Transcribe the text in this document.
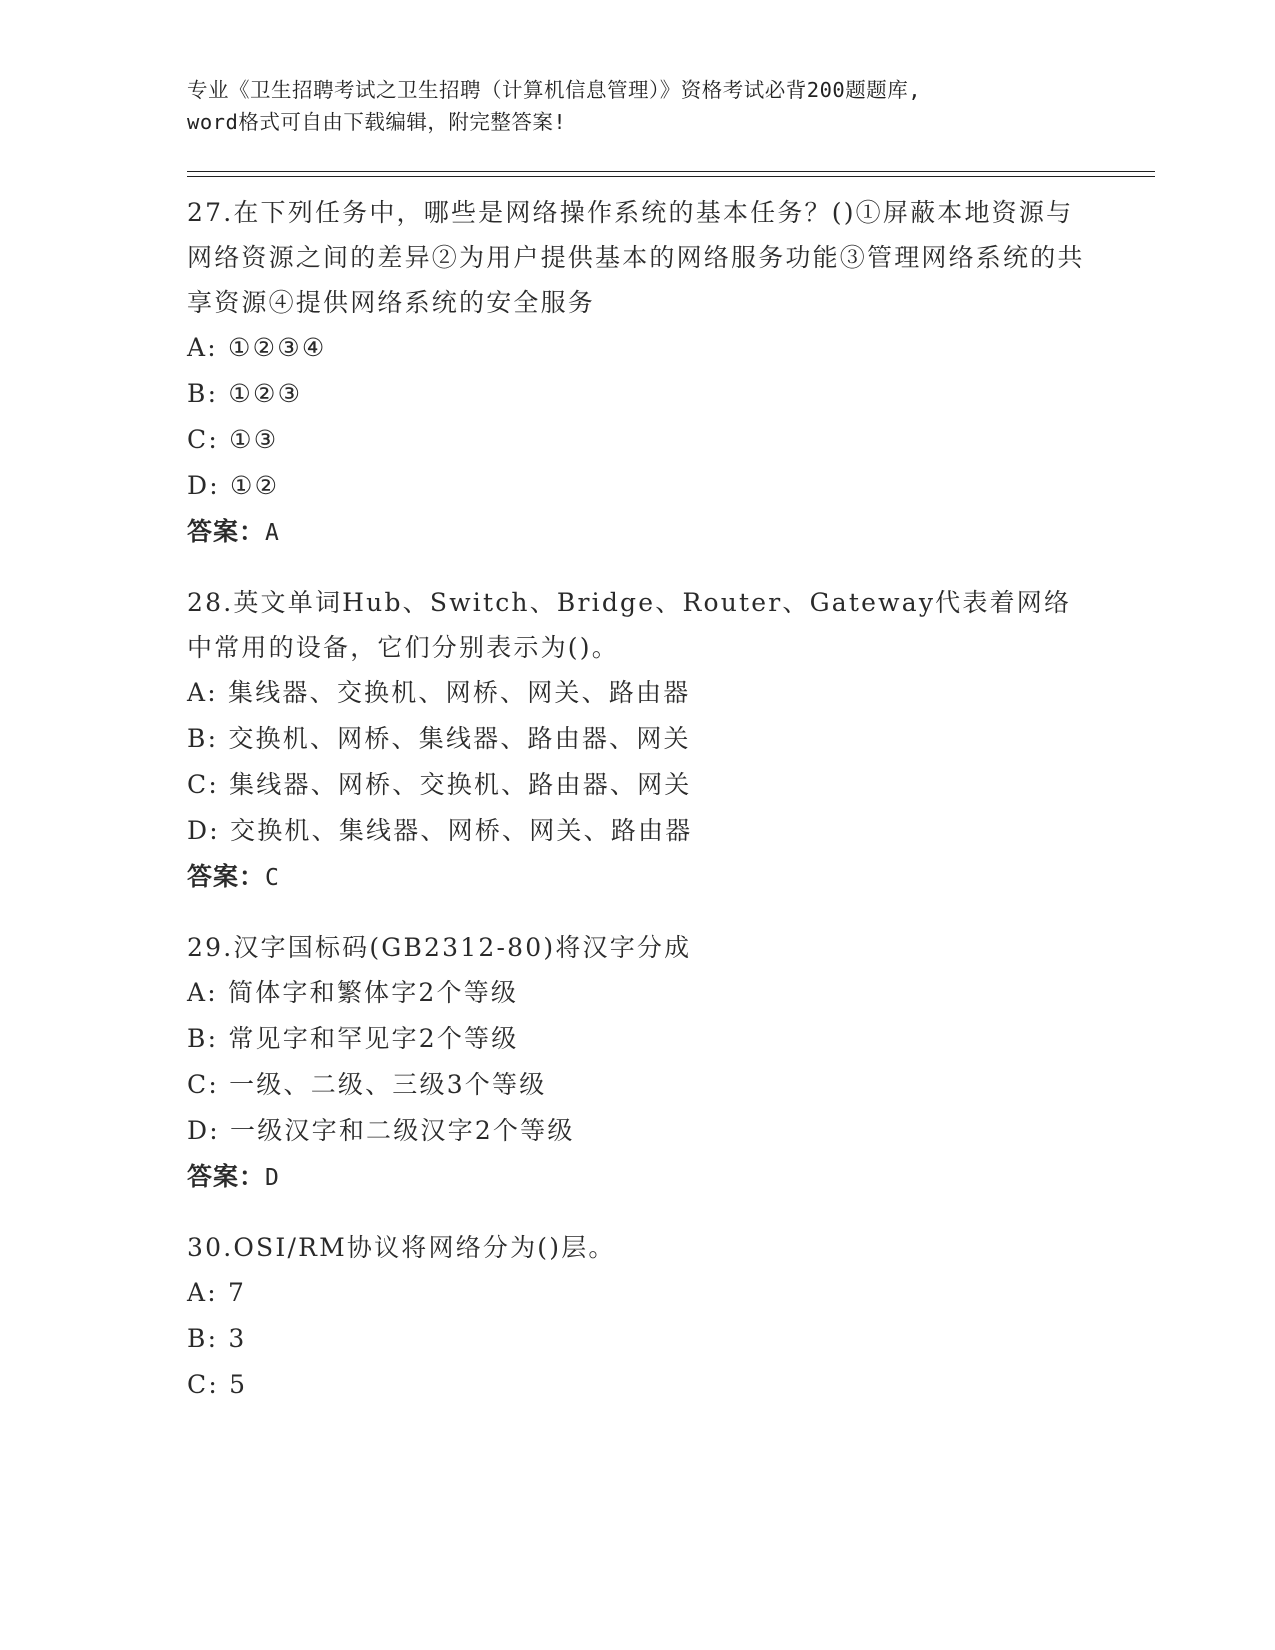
专业《卫生招聘考试之卫生招聘（计算机信息管理）》资格考试必背200题题库,
word格式可自由下载编辑，附完整答案!
27.在下列任务中，哪些是网络操作系统的基本任务？()①屏蔽本地资源与网络资源之间的差异②为用户提供基本的网络服务功能③管理网络系统的共享资源④提供网络系统的安全服务
A: ①②③④
B: ①②③
C: ①③
D: ①②
答案：A
28.英文单词Hub、Switch、Bridge、Router、Gateway代表着网络中常用的设备，它们分别表示为()。
A: 集线器、交换机、网桥、网关、路由器
B: 交换机、网桥、集线器、路由器、网关
C: 集线器、网桥、交换机、路由器、网关
D: 交换机、集线器、网桥、网关、路由器
答案：C
29.汉字国标码(GB2312-80)将汉字分成
A: 简体字和繁体字2个等级
B: 常见字和罕见字2个等级
C: 一级、二级、三级3个等级
D: 一级汉字和二级汉字2个等级
答案：D
30.OSI/RM协议将网络分为()层。
A: 7
B: 3
C: 5
